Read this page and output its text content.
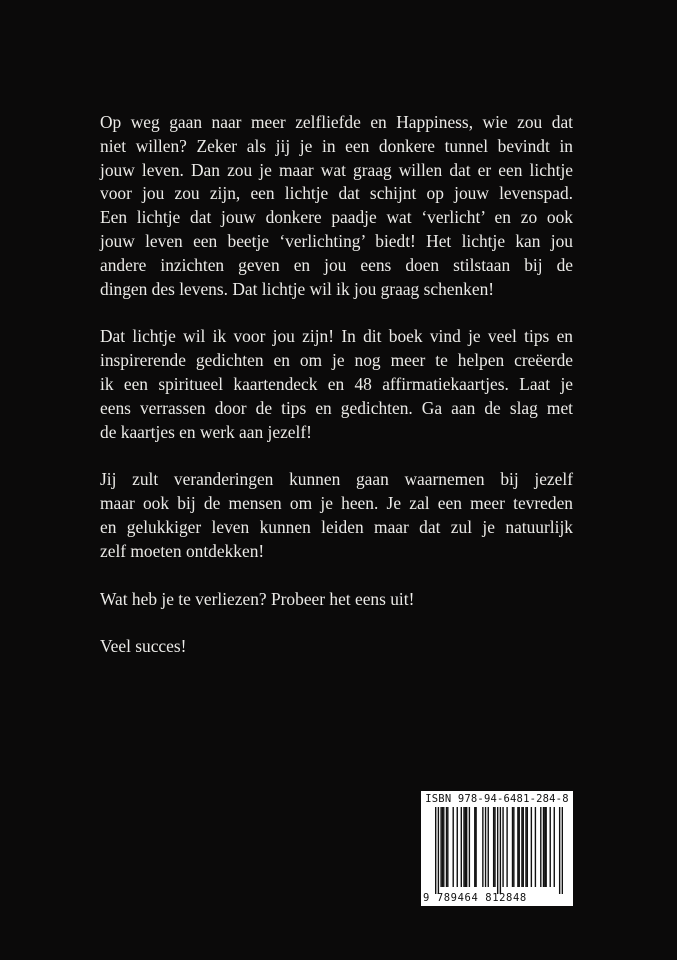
Op weg gaan naar meer zelfliefde en Happiness, wie zou dat
niet willen? Zeker als jij je in een donkere tunnel bevindt in
jouw leven. Dan zou je maar wat graag willen dat er een lichtje
voor jou zou zijn, een lichtje dat schijnt op jouw levenspad.
Een lichtje dat jouw donkere paadje wat ‘verlicht’ en zo ook
jouw leven een beetje ‘verlichting’ biedt! Het lichtje kan jou
andere inzichten geven en jou eens doen stilstaan bij de
dingen des levens. Dat lichtje wil ik jou graag schenken!

Dat lichtje wil ik voor jou zijn! In dit boek vind je veel tips en
inspirerende gedichten en om je nog meer te helpen creëerde
ik een spiritueel kaartendeck en 48 affirmatiekaartjes. Laat je
eens verrassen door de tips en gedichten. Ga aan de slag met
de kaartjes en werk aan jezelf!

Jij zult veranderingen kunnen gaan waarnemen bij jezelf
maar ook bij de mensen om je heen. Je zal een meer tevreden
en gelukkiger leven kunnen leiden maar dat zul je natuurlijk
zelf moeten ontdekken!

Wat heb je te verliezen? Probeer het eens uit!

Veel succes!

ISBN 978-94-6481-284-8
9 789464 812848
